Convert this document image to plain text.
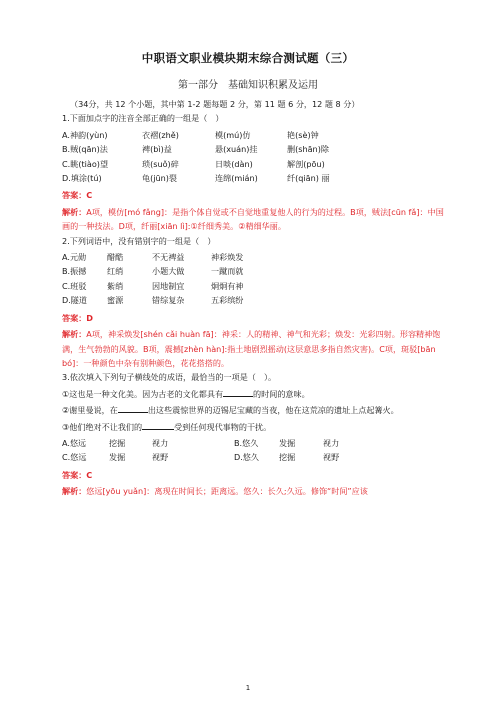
中职语文职业模块期末综合测试题（三）
第一部分　基础知识积累及运用
（34分，共 12 个小题，其中第 1-2 题每题 2 分，第 11 题 6 分，12 题 8 分）
1.下面加点字的注音全部正确的一组是（　）
A.神韵(yùn)	衣褶(zhě)	模(mú)仿	艳(sè)钟
B.贼(qān)法	裨(bì)益	悬(xuán)挂	删(shān)除
C.眺(tiào)望	琐(suǒ)碎	日啖(dàn)	解剖(pōu)
D.填涂(tú)	龟(jūn)裂	连绵(mián)	纤(qiān) 丽
答案：C
解析：A项，模仿[mó fǎng]：是指个体自觉或不自觉地重复他人的行为的过程。B项，贼法[cūn fǎ]：中国画的一种技法。D项，纤丽[xiān lì]:①纤细秀美。②精细华丽。
2.下列词语中，没有错别字的一组是（　）
A.元勋	醋酷	不无裨益	神彩焕发
B.振撼	红绡	小题大做	一蹴而就
C.班驳	紫绡	因地制宜	炯炯有神
D.隧道	蜜源	错综复杂	五彩缤纷
答案：D
解析：A项，神采焕发[shén cǎi huàn fā]：神采：人的精神、神气和光彩；焕发：光彩四射。形容精神饱满，生气勃勃的风貌。B项，震撼[zhèn hàn]:指土地剧烈摇动(这层意思多指自然灾害)。C项，斑驳[bān bó]：一种颜色中杂有别种颜色，花花搭搭的。
3.依次填入下列句子横线处的成语，最恰当的一项是（　）。
①这也是一种文化美。因为古老的文化都具有	的时间的意味。
②谢里曼说，在	出这些震惊世界的迈锡尼宝藏的当夜，他在这荒凉的遗址上点起篝火。
③他们绝对不让我们的	受到任何现代事物的干扰。
A.悠远	挖掘	视力	B.悠久	发掘	视力
C.悠远	发掘	视野	D.悠久	挖掘	视野
答案：C
解析：悠远[yōu yuǎn]：离现在时间长；距离远。悠久：长久;久远。修饰“时间”应该
1
